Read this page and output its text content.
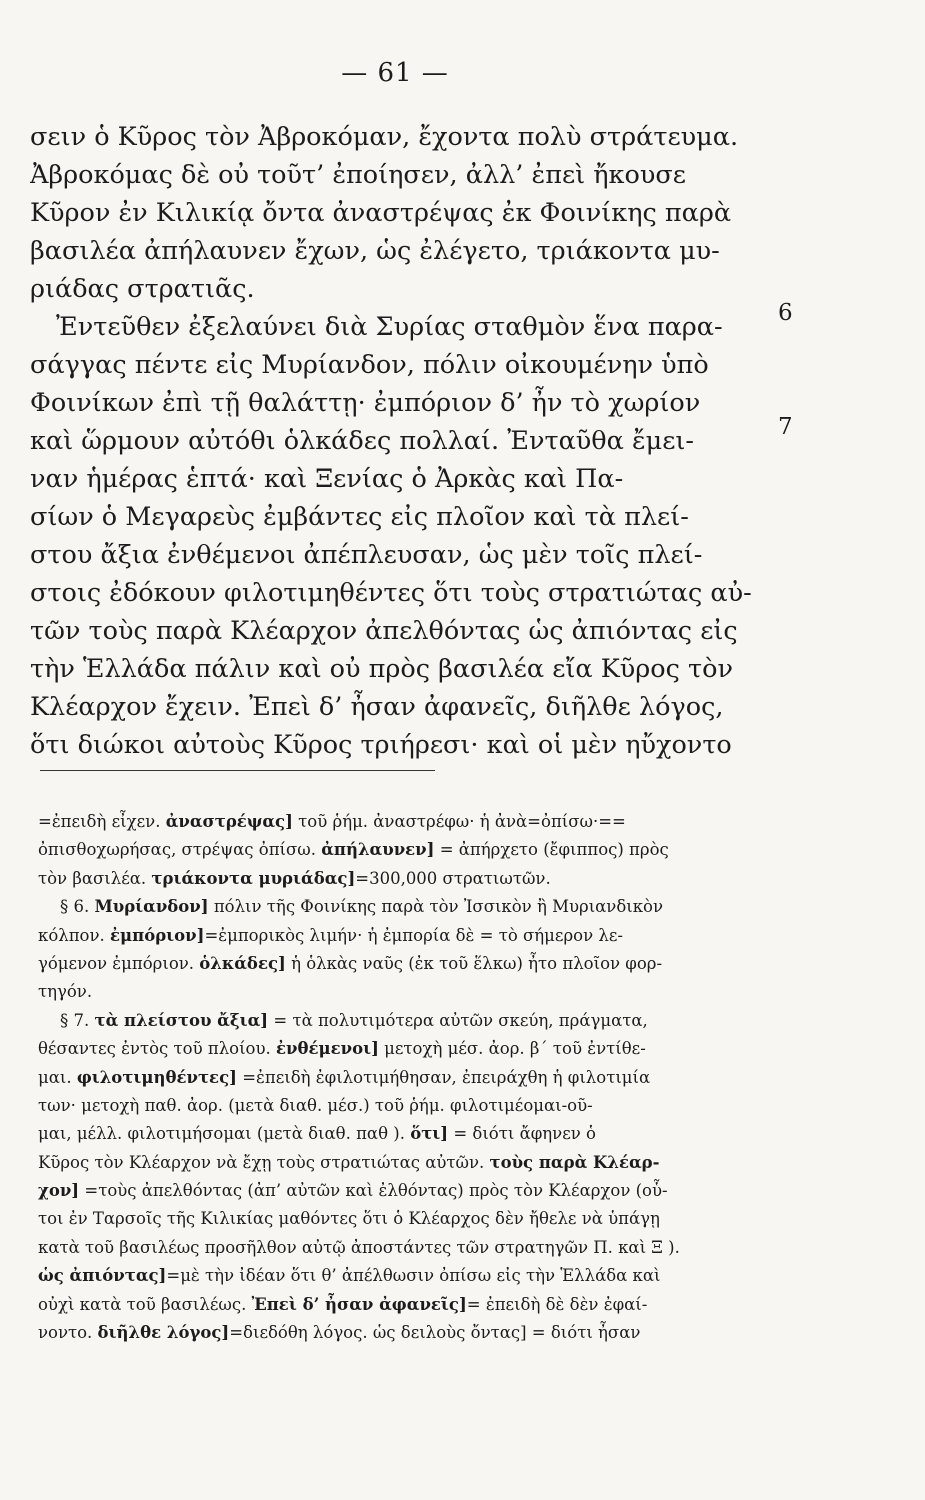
— 61 —
σειν ὁ Κῦρος τὸν Ἀβροκόμαν, ἔχοντα πολὺ στράτευμα.
Ἀβροκόμας δὲ οὐ τοῦτ’ ἐποίησεν, ἀλλ’ ἐπεὶ ἤκουσε
Κῦρον ἐν Κιλικίᾳ ὄντα ἀναστρέψας ἐκ Φοινίκης παρὰ
βασιλέα ἀπήλαυνεν ἔχων, ὡς ἐλέγετο, τριάκοντα μυ-
ριάδας στρατιᾶς.
Ἐντεῦθεν ἐξελαύνει διὰ Συρίας σταθμὸν ἕνα παρα-
σάγγας πέντε εἰς Μυρίανδον, πόλιν οἰκουμένην ὑπὸ
Φοινίκων ἐπὶ τῇ θαλάττῃ· ἐμπόριον δ’ ἦν τὸ χωρίον
καὶ ὥρμουν αὐτόθι ὁλκάδες πολλαί. Ἐνταῦθα ἔμει-
ναν ἡμέρας ἑπτά· καὶ Ξενίας ὁ Ἀρκὰς καὶ Πα-
σίων ὁ Μεγαρεὺς ἐμβάντες εἰς πλοῖον καὶ τὰ πλεί-
στου ἄξια ἐνθέμενοι ἀπέπλευσαν, ὡς μὲν τοῖς πλεί-
στοις ἐδόκουν φιλοτιμηθέντες ὅτι τοὺς στρατιώτας αὐ-
τῶν τοὺς παρὰ Κλέαρχον ἀπελθόντας ὡς ἀπιόντας εἰς
τὴν Ἑλλάδα πάλιν καὶ οὐ πρὸς βασιλέα εἴα Κῦρος τὸν
Κλέαρχον ἔχειν. Ἐπεὶ δ’ ἦσαν ἀφανεῖς, διῆλθε λόγος,
ὅτι διώκοι αὐτοὺς Κῦρος τριήρεσι· καὶ οἱ μὲν ηὔχοντο
6
7
=ἐπειδὴ εἶχεν. ἀναστρέψας] τοῦ ῥήμ. ἀναστρέφω· ἡ ἀνὰ=ὀπίσω·==
ὀπισθοχωρήσας, στρέψας ὀπίσω. ἀπήλαυνεν] = ἀπήρχετο (ἔφιππος) πρὸς
τὸν βασιλέα. τριάκοντα μυριάδας]=300,000 στρατιωτῶν.
§ 6. Μυρίανδον] πόλιν τῆς Φοινίκης παρὰ τὸν Ἰσσικὸν ἢ Μυριανδικὸν
κόλπον. ἐμπόριον]=ἐμπορικὸς λιμήν· ἡ ἐμπορία δὲ = τὸ σήμερον λε-
γόμενον ἐμπόριον. ὁλκάδες] ἡ ὁλκὰς ναῦς (ἐκ τοῦ ἕλκω) ἦτο πλοῖον φορ-
τηγόν.
§ 7. τὰ πλείστου ἄξια] = τὰ πολυτιμότερα αὐτῶν σκεύη, πράγματα,
θέσαντες ἐντὸς τοῦ πλοίου. ἐνθέμενοι] μετοχὴ μέσ. ἀορ. β´ τοῦ ἐντίθε-
μαι. φιλοτιμηθέντες] =ἐπειδὴ ἐφιλοτιμήθησαν, ἐπειράχθη ἡ φιλοτιμία
των· μετοχὴ παθ. ἀορ. (μετὰ διαθ. μέσ.) τοῦ ῥήμ. φιλοτιμέομαι-οῦ-
μαι, μέλλ. φιλοτιμήσομαι (μετὰ διαθ. παθ ). ὅτι] = διότι ἄφηνεν ὁ
Κῦρος τὸν Κλέαρχον νὰ ἔχῃ τοὺς στρατιώτας αὐτῶν. τοὺς παρὰ Κλέαρ-
χον] =τοὺς ἀπελθόντας (ἀπ’ αὐτῶν καὶ ἐλθόντας) πρὸς τὸν Κλέαρχον (οὗ-
τοι ἐν Ταρσοῖς τῆς Κιλικίας μαθόντες ὅτι ὁ Κλέαρχος δὲν ἤθελε νὰ ὑπάγῃ
κατὰ τοῦ βασιλέως προσῆλθον αὐτῷ ἀποστάντες τῶν στρατηγῶν Π. καὶ Ξ ).
ὡς ἀπιόντας]=μὲ τὴν ἰδέαν ὅτι θ’ ἀπέλθωσιν ὀπίσω εἰς τὴν Ἑλλάδα καὶ
οὐχὶ κατὰ τοῦ βασιλέως. Ἐπεὶ δ’ ἦσαν ἀφανεῖς]= ἐπειδὴ δὲ δὲν ἐφαί-
νοντο. διῆλθε λόγος]=διεδόθη λόγος. ὡς δειλοὺς ὄντας] = διότι ἦσαν
